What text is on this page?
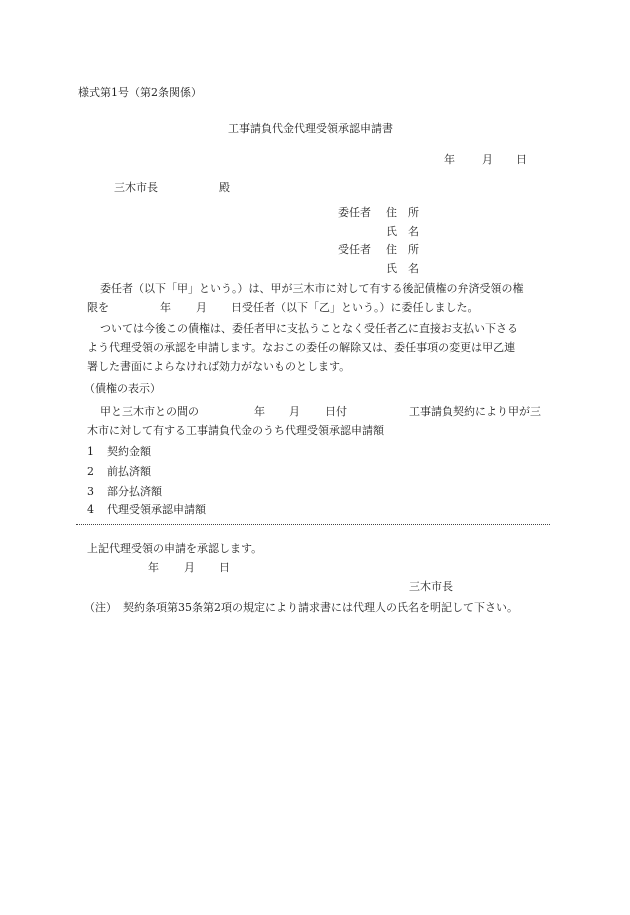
様式第1号（第2条関係）
工事請負代金代理受領承認申請書
年 月 日
三木市長	殿
委任者 住　所
氏　名
受任者 住　所
氏　名
委任者（以下「甲」という。）は、甲が三木市に対して有する後記債権の弁済受領の権
限を	年 月 日受任者（以下「乙」という。）に委任しました。
ついては今後この債権は、委任者甲に支払うことなく受任者乙に直接お支払い下さる
よう代理受領の承認を申請します。なおこの委任の解除又は、委任事項の変更は甲乙連
署した書面によらなければ効力がないものとします。
（債権の表示）
甲と三木市との間の	年 月 日付	工事請負契約により甲が三
木市に対して有する工事請負代金のうち代理受領承認申請額
1 契約金額
2 前払済額
3 部分払済額
4 代理受領承認申請額
上記代理受領の申請を承認します。
年 月 日
三木市長
（注） 契約条項第35条第2項の規定により請求書には代理人の氏名を明記して下さい。
